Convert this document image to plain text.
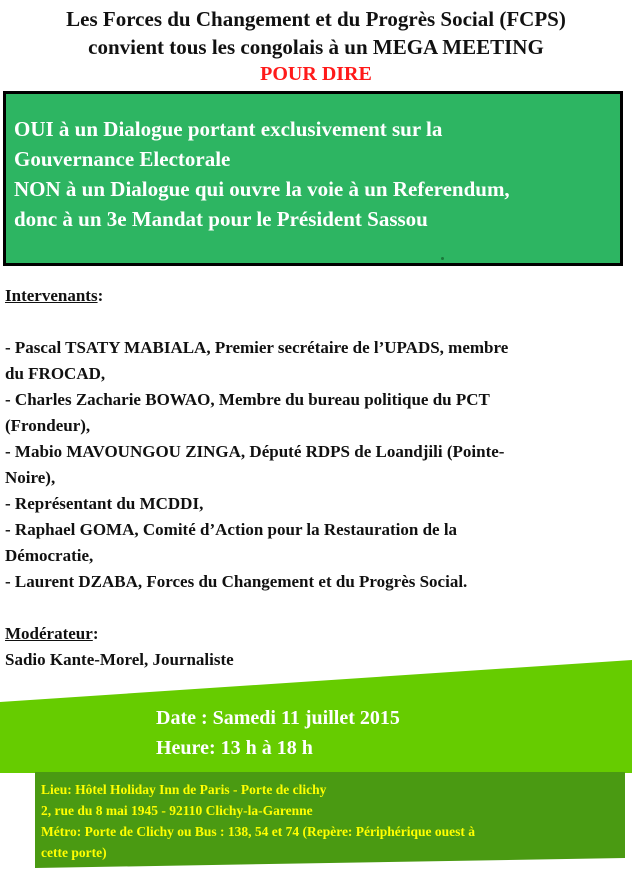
Les Forces du Changement et du Progrès Social (FCPS)
convient tous les congolais à un MEGA MEETING
POUR DIRE
OUI à un Dialogue portant exclusivement sur la
Gouvernance Electorale
NON à un Dialogue qui ouvre la voie à un Referendum,
donc à un 3e Mandat pour le Président Sassou
Intervenants:
- Pascal TSATY MABIALA, Premier secrétaire de l’UPADS, membre
du FROCAD,
- Charles Zacharie BOWAO, Membre du bureau politique du PCT
(Frondeur),
- Mabio MAVOUNGOU ZINGA, Député RDPS de Loandjili (Pointe-
Noire),
- Représentant du MCDDI,
- Raphael GOMA, Comité d’Action pour la Restauration de la
Démocratie,
- Laurent DZABA, Forces du Changement et du Progrès Social.
Modérateur:
Sadio Kante-Morel, Journaliste
Date : Samedi 11 juillet 2015
Heure: 13 h à 18 h
Lieu: Hôtel Holiday Inn de Paris - Porte de clichy
2, rue du 8 mai 1945 - 92110 Clichy-la-Garenne
Métro: Porte de Clichy ou Bus : 138, 54 et 74 (Repère: Périphérique ouest à
cette porte)
